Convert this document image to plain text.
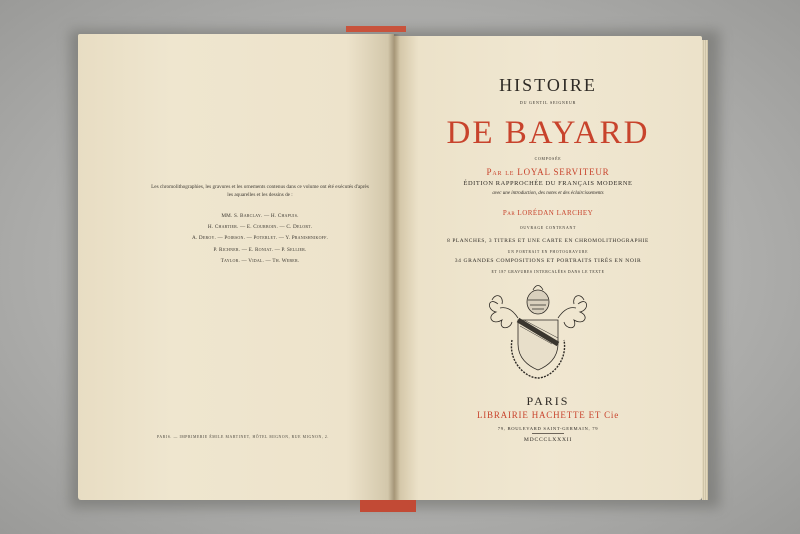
Les chromolithographies, les gravures et les ornements contenus dans ce volume ont été exécutés d'après les aquarelles et les dessins de :
MM. S. Barclay. — H. Chapuis.
H. Chartier. — E. Courboin. — C. Delort.
A. Deroy. — Poirson. — Poterlet. — Y. Pranishnikoff.
P. Richner. — E. Roniat. — P. Sellier.
Taylor. — Vidal. — Th. Weber.
PARIS. — IMPRIMERIE ÉMILE MARTINET, HÔTEL MIGNON, RUE MIGNON, 2.
HISTOIRE
DU GENTIL SEIGNEUR
DE BAYARD
COMPOSÉE
Par le LOYAL SERVITEUR
ÉDITION RAPPROCHÉE DU FRANÇAIS MODERNE
avec une introduction, des notes et des éclaircissements
Par LORÉDAN LARCHEY
OUVRAGE CONTENANT
8 PLANCHES, 3 TITRES ET UNE CARTE EN CHROMOLITHOGRAPHIE
UN PORTRAIT EN PHOTOGRAVURE
34 GRANDES COMPOSITIONS ET PORTRAITS TIRÉS EN NOIR
ET 187 GRAVURES INTERCALÉES DANS LE TEXTE
PARIS
LIBRAIRIE HACHETTE ET Cie
79, BOULEVARD SAINT-GERMAIN, 79
MDCCCLXXXII
